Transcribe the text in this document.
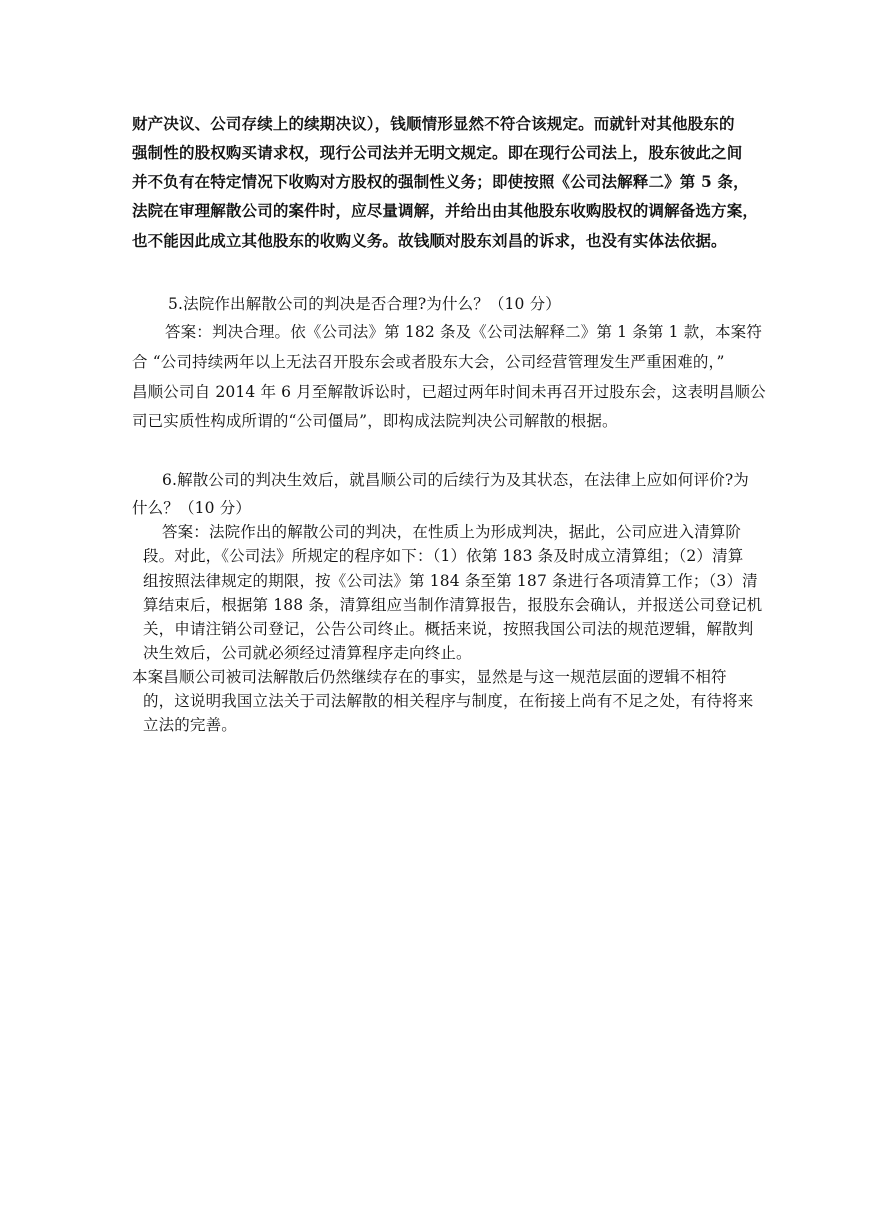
财产决议、公司存续上的续期决议），钱顺情形显然不符合该规定。而就针对其他股东的
强制性的股权购买请求权，现行公司法并无明文规定。即在现行公司法上，股东彼此之间
并不负有在特定情况下收购对方股权的强制性义务；即使按照《公司法解释二》第 5 条，
法院在审理解散公司的案件时，应尽量调解，并给出由其他股东收购股权的调解备选方案，
也不能因此成立其他股东的收购义务。故钱顺对股东刘昌的诉求，也没有实体法依据。
5.法院作出解散公司的判决是否合理?为什么？（10 分）
答案：判决合理。依《公司法》第 182 条及《公司法解释二》第 1 条第 1 款，本案符
合 “公司持续两年以上无法召开股东会或者股东大会，公司经营管理发生严重困难的，”
昌顺公司自 2014 年 6 月至解散诉讼时，已超过两年时间未再召开过股东会，这表明昌顺公
司已实质性构成所谓的“公司僵局”，即构成法院判决公司解散的根据。
6.解散公司的判决生效后，就昌顺公司的后续行为及其状态，在法律上应如何评价?为
什么？（10 分）
答案：法院作出的解散公司的判决，在性质上为形成判决，据此，公司应进入清算阶
段。对此，《公司法》所规定的程序如下：（1）依第 183 条及时成立清算组；（2）清算
组按照法律规定的期限，按《公司法》第 184 条至第 187 条进行各项清算工作；（3）清
算结束后，根据第 188 条，清算组应当制作清算报告，报股东会确认，并报送公司登记机
关，申请注销公司登记，公告公司终止。概括来说，按照我国公司法的规范逻辑，解散判
决生效后，公司就必须经过清算程序走向终止。
本案昌顺公司被司法解散后仍然继续存在的事实，显然是与这一规范层面的逻辑不相符
的，这说明我国立法关于司法解散的相关程序与制度，在衔接上尚有不足之处，有待将来
立法的完善。
